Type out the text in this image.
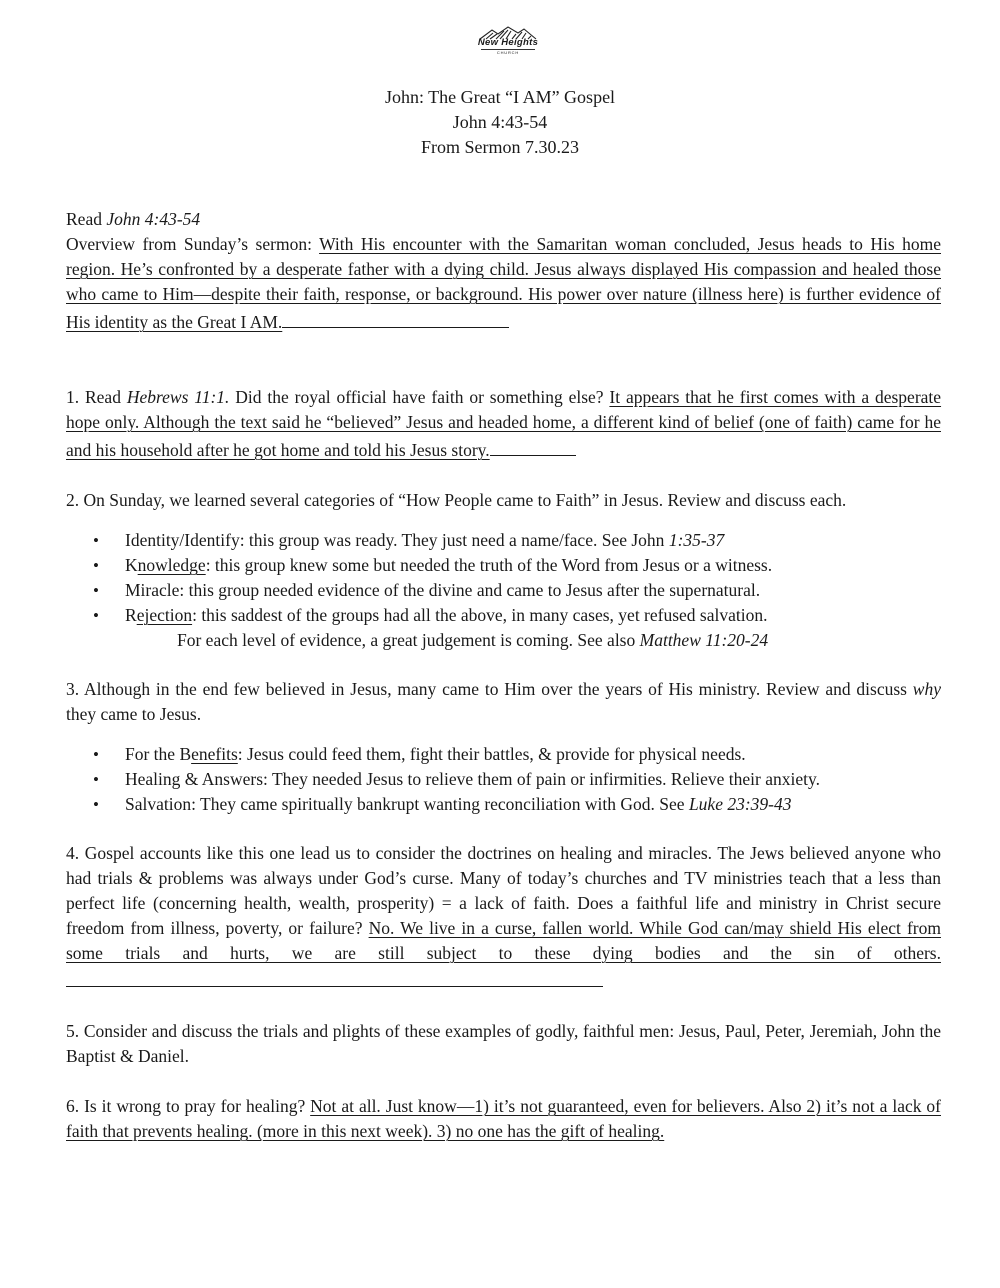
New Heights
CHURCH
John: The Great “I AM” Gospel
John 4:43-54
From Sermon 7.30.23
Read John 4:43-54
Overview from Sunday’s sermon: With His encounter with the Samaritan woman concluded, Jesus heads to His home region. He’s confronted by a desperate father with a dying child. Jesus always displayed His compassion and healed those who came to Him—despite their faith, response, or background. His power over nature (illness here) is further evidence of His identity as the Great I AM.
1. Read Hebrews 11:1. Did the royal official have faith or something else? It appears that he first comes with a desperate hope only. Although the text said he “believed” Jesus and headed home, a different kind of belief (one of faith) came for he and his household after he got home and told his Jesus story.
2. On Sunday, we learned several categories of “How People came to Faith” in Jesus. Review and discuss each.
• Identity/Identify: this group was ready. They just need a name/face. See John 1:35-37
• Knowledge: this group knew some but needed the truth of the Word from Jesus or a witness.
• Miracle: this group needed evidence of the divine and came to Jesus after the supernatural.
• Rejection: this saddest of the groups had all the above, in many cases, yet refused salvation.
For each level of evidence, a great judgement is coming. See also Matthew 11:20-24
3. Although in the end few believed in Jesus, many came to Him over the years of His ministry. Review and discuss why they came to Jesus.
• For the Benefits: Jesus could feed them, fight their battles, & provide for physical needs.
• Healing & Answers: They needed Jesus to relieve them of pain or infirmities. Relieve their anxiety.
• Salvation: They came spiritually bankrupt wanting reconciliation with God. See Luke 23:39-43
4. Gospel accounts like this one lead us to consider the doctrines on healing and miracles. The Jews believed anyone who had trials & problems was always under God’s curse. Many of today’s churches and TV ministries teach that a less than perfect life (concerning health, wealth, prosperity) = a lack of faith. Does a faithful life and ministry in Christ secure freedom from illness, poverty, or failure? No. We live in a curse, fallen world. While God can/may shield His elect from some trials and hurts, we are still subject to these dying bodies and the sin of others.
5. Consider and discuss the trials and plights of these examples of godly, faithful men: Jesus, Paul, Peter, Jeremiah, John the Baptist & Daniel.
6. Is it wrong to pray for healing? Not at all. Just know—1) it’s not guaranteed, even for believers. Also 2) it’s not a lack of faith that prevents healing. (more in this next week). 3) no one has the gift of healing.
